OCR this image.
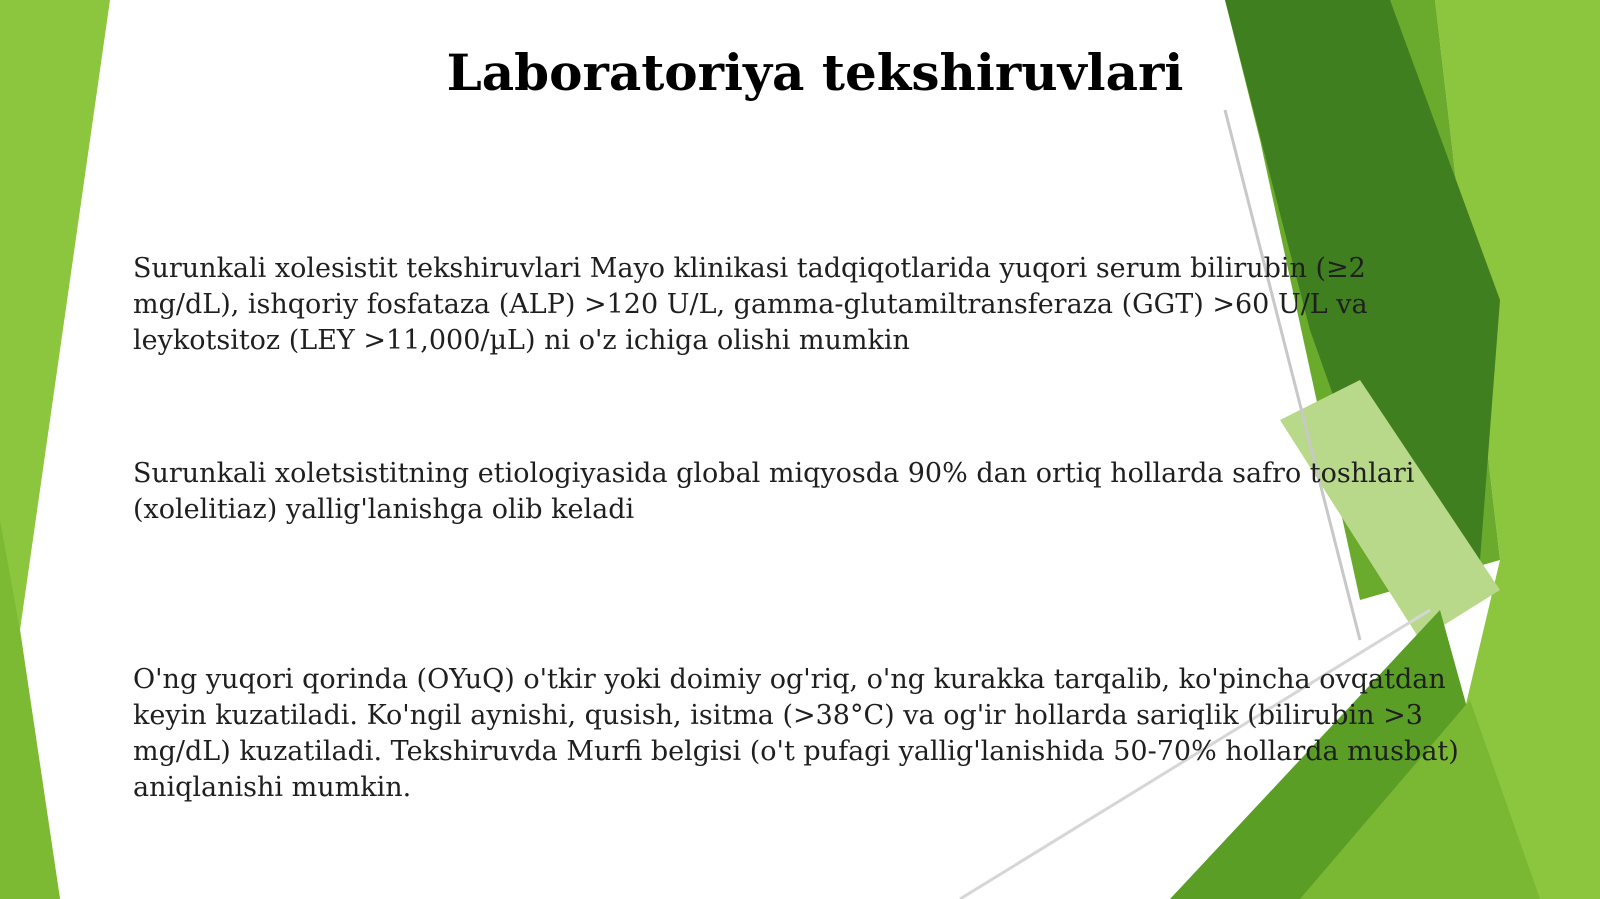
Laboratoriya tekshiruvlari

Surunkali xolesistit tekshiruvlari Mayo klinikasi tadqiqotlarida yuqori serum bilirubin (≥2
mg/dL), ishqoriy fosfataza (ALP) >120 U/L, gamma-glutamiltransferaza (GGT) >60 U/L va
leykotsitoz (LEY >11,000/µL) ni o'z ichiga olishi mumkin

Surunkali xoletsistitning etiologiyasida global miqyosda 90% dan ortiq hollarda safro toshlari
(xolelitiaz) yallig'lanishga olib keladi

O'ng yuqori qorinda (OYuQ) o'tkir yoki doimiy og'riq, o'ng kurakka tarqalib, ko'pincha ovqatdan
keyin kuzatiladi. Ko'ngil aynishi, qusish, isitma (>38°C) va og'ir hollarda sariqlik (bilirubin >3
mg/dL) kuzatiladi. Tekshiruvda Murfi belgisi (o't pufagi yallig'lanishida 50-70% hollarda musbat)
aniqlanishi mumkin.
